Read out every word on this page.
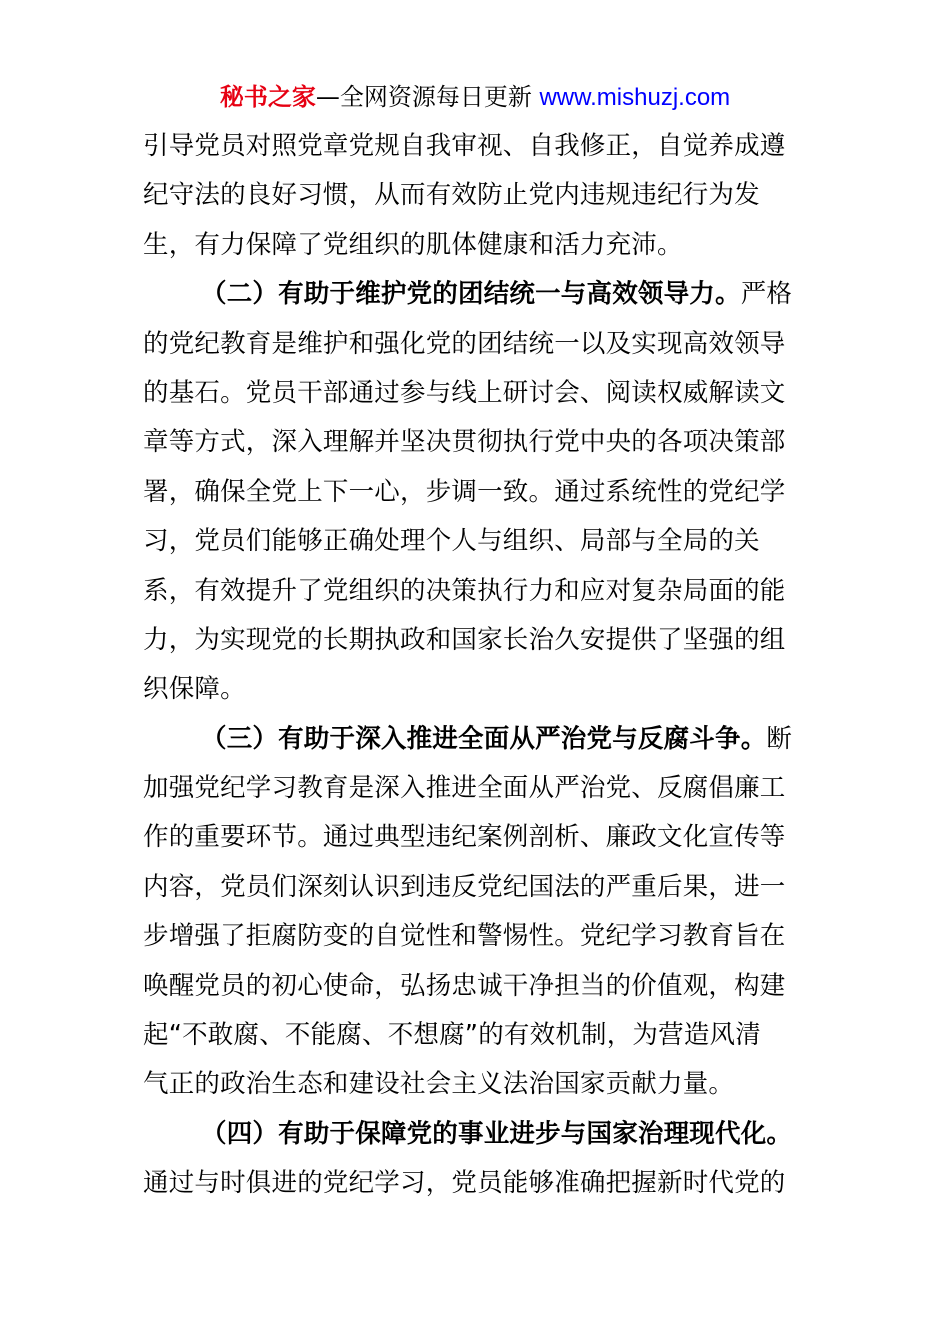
秘书之家—全网资源每日更新 www.mishuzj.com
引导党员对照党章党规自我审视、自我修正，自觉养成遵
纪守法的良好习惯，从而有效防止党内违规违纪行为发
生，有力保障了党组织的肌体健康和活力充沛。
（二）有助于维护党的团结统一与高效领导力。严格
的党纪教育是维护和强化党的团结统一以及实现高效领导
的基石。党员干部通过参与线上研讨会、阅读权威解读文
章等方式，深入理解并坚决贯彻执行党中央的各项决策部
署，确保全党上下一心，步调一致。通过系统性的党纪学
习，党员们能够正确处理个人与组织、局部与全局的关
系，有效提升了党组织的决策执行力和应对复杂局面的能
力，为实现党的长期执政和国家长治久安提供了坚强的组
织保障。
（三）有助于深入推进全面从严治党与反腐斗争。断
加强党纪学习教育是深入推进全面从严治党、反腐倡廉工
作的重要环节。通过典型违纪案例剖析、廉政文化宣传等
内容，党员们深刻认识到违反党纪国法的严重后果，进一
步增强了拒腐防变的自觉性和警惕性。党纪学习教育旨在
唤醒党员的初心使命，弘扬忠诚干净担当的价值观，构建
起“不敢腐、不能腐、不想腐”的有效机制，为营造风清
气正的政治生态和建设社会主义法治国家贡献力量。
（四）有助于保障党的事业进步与国家治理现代化。
通过与时俱进的党纪学习，党员能够准确把握新时代党的
